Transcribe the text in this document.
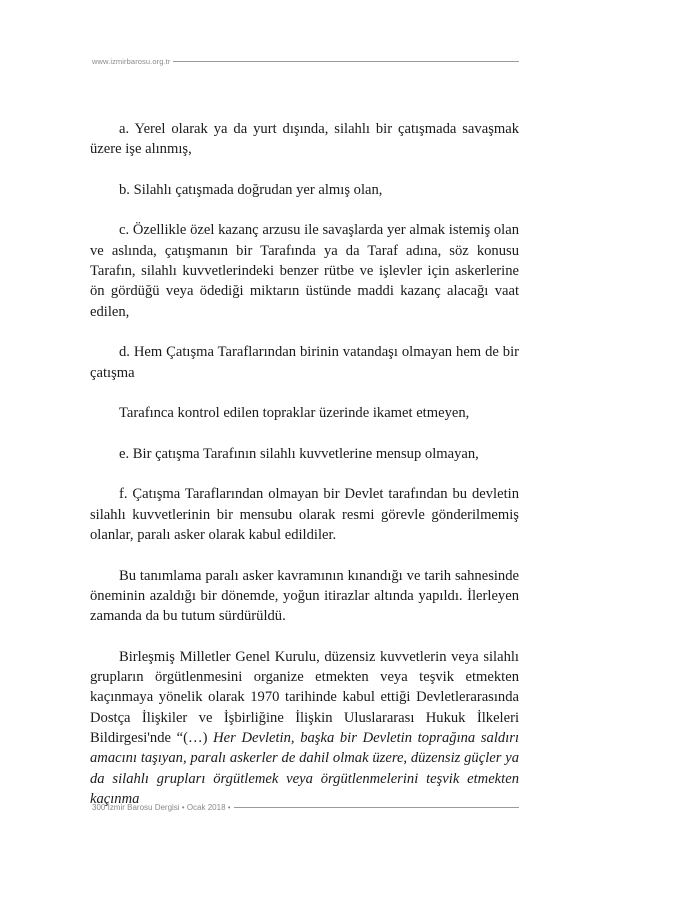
www.izmirbarosu.org.tr

a. Yerel olarak ya da yurt dışında, silahlı bir çatışmada savaşmak üzere işe alınmış,

b. Silahlı çatışmada doğrudan yer almış olan,

c. Özellikle özel kazanç arzusu ile savaşlarda yer almak istemiş olan ve aslında, çatışmanın bir Tarafında ya da Taraf adına, söz konusu Tarafın, silahlı kuvvetlerindeki benzer rütbe ve işlevler için askerlerine ön gördüğü veya ödediği miktarın üstünde maddi kazanç alacağı vaat edilen,

d. Hem Çatışma Taraflarından birinin vatandaşı olmayan hem de bir çatışma

Tarafınca kontrol edilen topraklar üzerinde ikamet etmeyen,

e. Bir çatışma Tarafının silahlı kuvvetlerine mensup olmayan,

f. Çatışma Taraflarından olmayan bir Devlet tarafından bu devletin silahlı kuvvetlerinin bir mensubu olarak resmi görevle gönderilmemiş olanlar, paralı asker olarak kabul edildiler.

Bu tanımlama paralı asker kavramının kınandığı ve tarih sahnesinde öneminin azaldığı bir dönemde, yoğun itirazlar altında yapıldı. İlerleyen zamanda da bu tutum sürdürüldü.

Birleşmiş Milletler Genel Kurulu, düzensiz kuvvetlerin veya silahlı grupların örgütlenmesini organize etmekten veya teşvik etmekten kaçınmaya yönelik olarak 1970 tarihinde kabul ettiği Devletlerarasında Dostça İlişkiler ve İşbirliğine İlişkin Uluslararası Hukuk İlkeleri Bildirgesi'nde “(…) Her Devletin, başka bir Devletin toprağına saldırı amacını taşıyan, paralı askerler de dahil olmak üzere, düzensiz güçler ya da silahlı grupları örgütlemek veya örgütlenmelerini teşvik etmekten kaçınma

300 İzmir Barosu Dergisi • Ocak 2018 •
